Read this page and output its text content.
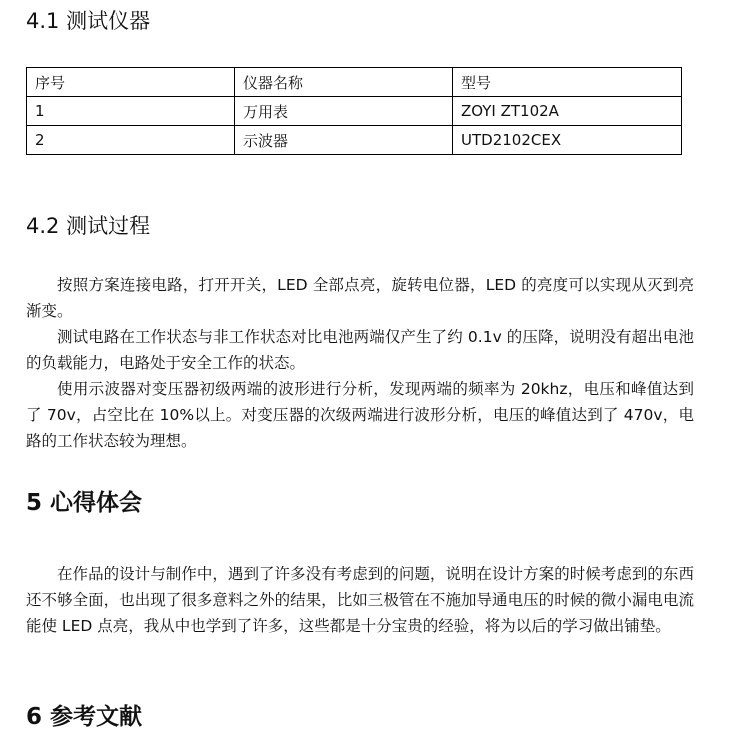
4.1 测试仪器
序号	仪器名称	型号
1	万用表	ZOYI ZT102A
2	示波器	UTD2102CEX
4.2 测试过程

按照方案连接电路，打开开关，LED 全部点亮，旋转电位器，LED 的亮度可以实现从灭到亮渐变。

测试电路在工作状态与非工作状态对比电池两端仅产生了约 0.1v 的压降，说明没有超出电池的负载能力，电路处于安全工作的状态。

使用示波器对变压器初级两端的波形进行分析，发现两端的频率为 20khz，电压和峰值达到了 70v，占空比在 10%以上。对变压器的次级两端进行波形分析，电压的峰值达到了 470v，电路的工作状态较为理想。

5 心得体会

在作品的设计与制作中，遇到了许多没有考虑到的问题，说明在设计方案的时候考虑到的东西还不够全面，也出现了很多意料之外的结果，比如三极管在不施加导通电压的时候的微小漏电电流能使 LED 点亮，我从中也学到了许多，这些都是十分宝贵的经验，将为以后的学习做出铺垫。

6 参考文献
